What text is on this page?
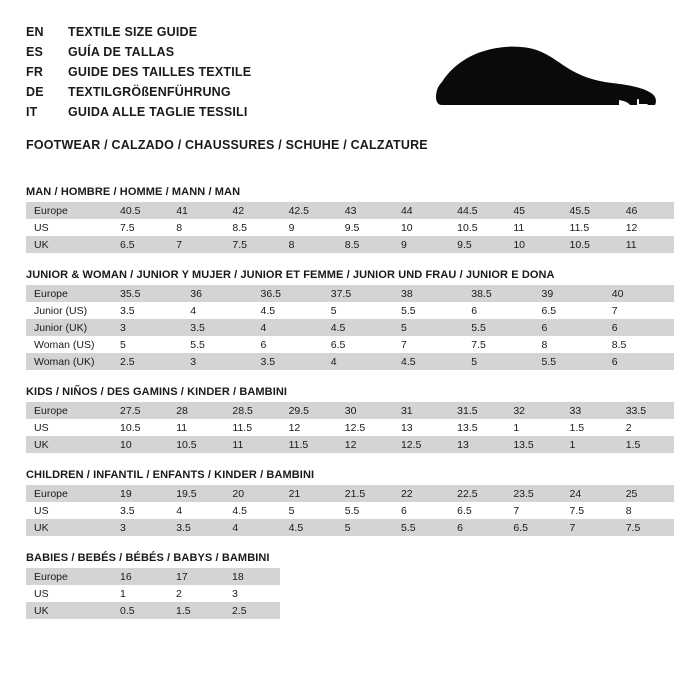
EN	TEXTILE SIZE GUIDE
ES	GUÍA DE TALLAS
FR	GUIDE DES TAILLES TEXTILE
DE	TEXTILGRÖßENFÜHRUNG
IT	GUIDA ALLE TAGLIE TESSILI
FOOTWEAR / CALZADO / CHAUSSURES / SCHUHE / CALZATURE
MAN / HOMBRE / HOMME / MANN / MAN
Europe	40.5	41	42	42.5	43	44	44.5	45	45.5	46
US	7.5	8	8.5	9	9.5	10	10.5	11	11.5	12
UK	6.5	7	7.5	8	8.5	9	9.5	10	10.5	11
JUNIOR & WOMAN / JUNIOR Y MUJER / JUNIOR ET FEMME / JUNIOR UND FRAU / JUNIOR E DONA
Europe	35.5	36	36.5	37.5	38	38.5	39	40
Junior (US)	3.5	4	4.5	5	5.5	6	6.5	7
Junior (UK)	3	3.5	4	4.5	5	5.5	6	6
Woman (US)	5	5.5	6	6.5	7	7.5	8	8.5
Woman (UK)	2.5	3	3.5	4	4.5	5	5.5	6
KIDS / NIÑOS / DES GAMINS / KINDER / BAMBINI
Europe	27.5	28	28.5	29.5	30	31	31.5	32	33	33.5
US	10.5	11	11.5	12	12.5	13	13.5	1	1.5	2
UK	10	10.5	11	11.5	12	12.5	13	13.5	1	1.5
CHILDREN / INFANTIL / ENFANTS / KINDER / BAMBINI
Europe	19	19.5	20	21	21.5	22	22.5	23.5	24	25
US	3.5	4	4.5	5	5.5	6	6.5	7	7.5	8
UK	3	3.5	4	4.5	5	5.5	6	6.5	7	7.5
BABIES / BEBÉS / BÉBÉS / BABYS / BAMBINI
Europe	16	17	18	
US	1	2	3	
UK	0.5	1.5	2.5	
